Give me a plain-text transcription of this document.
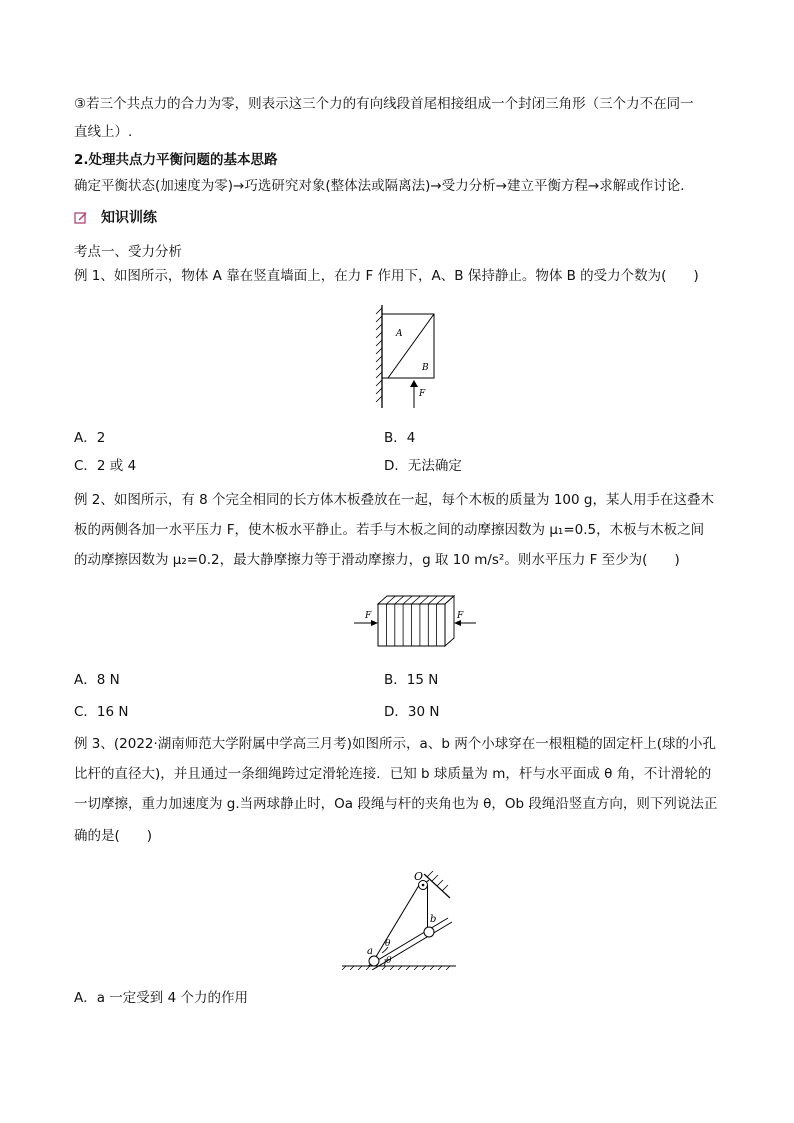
③若三个共点力的合力为零，则表示这三个力的有向线段首尾相接组成一个封闭三角形（三个力不在同一
直线上）.
2.处理共点力平衡问题的基本思路
确定平衡状态(加速度为零)→巧选研究对象(整体法或隔离法)→受力分析→建立平衡方程→求解或作讨论．
知识训练
考点一、受力分析
例 1、如图所示，物体 A 靠在竖直墙面上，在力 F 作用下，A、B 保持静止。物体 B 的受力个数为(　　)
A
B
F
A．2	B．4
C．2 或 4	D．无法确定
例 2、如图所示，有 8 个完全相同的长方体木板叠放在一起，每个木板的质量为 100 g，某人用手在这叠木
板的两侧各加一水平压力 F，使木板水平静止。若手与木板之间的动摩擦因数为 μ₁=0.5，木板与木板之间
的动摩擦因数为 μ₂=0.2，最大静摩擦力等于滑动摩擦力，g 取 10 m/s²。则水平压力 F 至少为(　　)
F	F
A．8 N	B．15 N
C．16 N	D．30 N
例 3、(2022·湖南师范大学附属中学高三月考)如图所示，a、b 两个小球穿在一根粗糙的固定杆上(球的小孔
比杆的直径大)，并且通过一条细绳跨过定滑轮连接．已知 b 球质量为 m，杆与水平面成 θ 角，不计滑轮的
一切摩擦，重力加速度为 g.当两球静止时，Oa 段绳与杆的夹角也为 θ，Ob 段绳沿竖直方向，则下列说法正
确的是(　　)
O
a
b
θ
θ
A．a 一定受到 4 个力的作用
